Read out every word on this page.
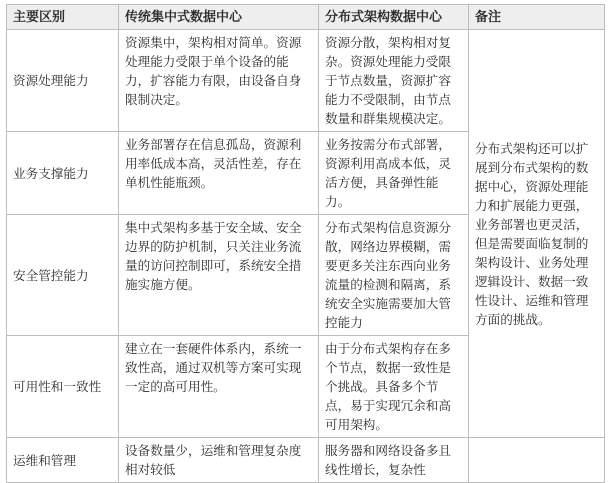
主要区别	传统集中式数据中心	分布式架构数据中心	备注
资源处理能力	资源集中，架构相对简单。资源处理能力受限于单个设备的能力，扩容能力有限，由设备自身限制决定。	资源分散，架构相对复杂。资源处理能力受限于节点数量，资源扩容能力不受限制，由节点数量和群集规模决定。	分布式架构还可以扩展到分布式架构的数据中心，资源处理能力和扩展能力更强，业务部署也更灵活，但是需要面临复制的架构设计、业务处理逻辑设计、数据一致性设计、运维和管理方面的挑战。
业务支撑能力	业务部署存在信息孤岛，资源利用率低成本高，灵活性差，存在单机性能瓶颈。	业务按需分布式部署，资源利用高成本低，灵活方便，具备弹性能力。	
安全管控能力	集中式架构多基于安全域、安全边界的防护机制，只关注业务流量的访问控制即可，系统安全措施实施方便。	分布式架构信息资源分散，网络边界模糊，需要更多关注东西向业务流量的检测和隔离，系统安全实施需要加大管控能力	
可用性和一致性	建立在一套硬件体系内，系统一致性高，通过双机等方案可实现一定的高可用性。	由于分布式架构存在多个节点，数据一致性是个挑战。具备多个节点，易于实现冗余和高可用架构。	
运维和管理	设备数量少，运维和管理复杂度相对较低	服务器和网络设备多且线性增长，复杂性	
